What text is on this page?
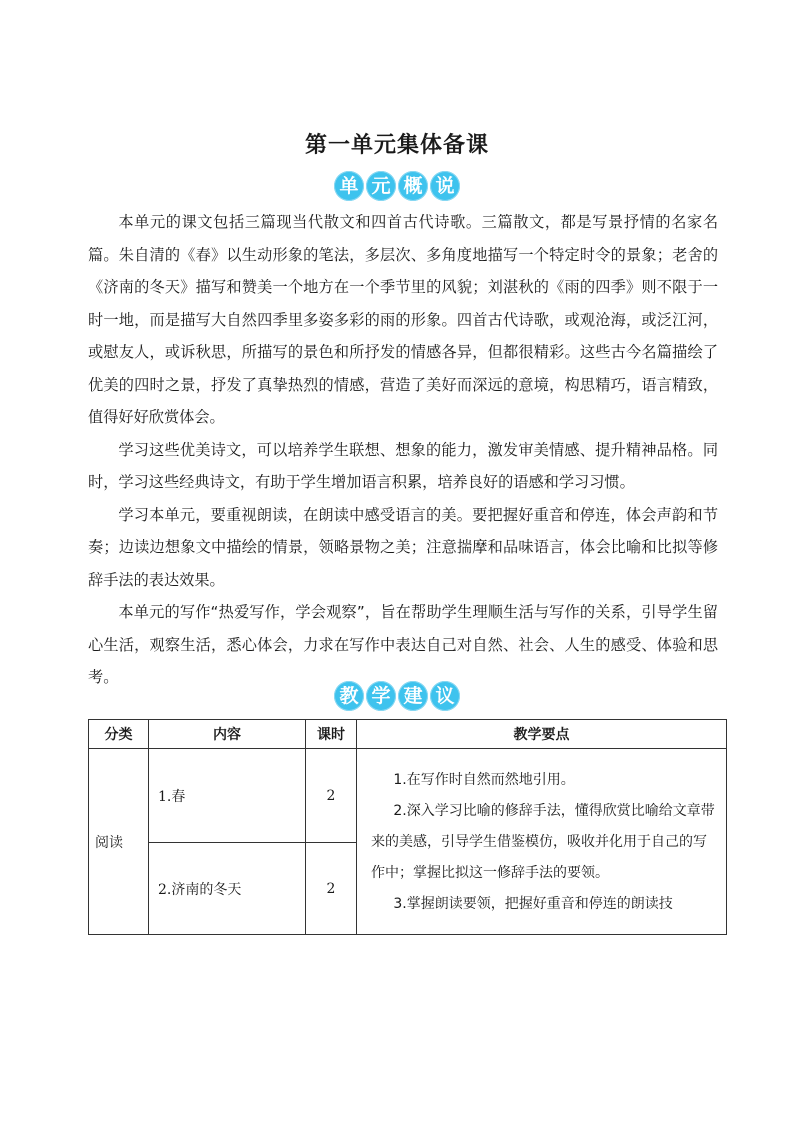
第一单元集体备课
单 元 概 说

本单元的课文包括三篇现当代散文和四首古代诗歌。三篇散文，都是写景抒情的名家名篇。朱自清的《春》以生动形象的笔法，多层次、多角度地描写一个特定时令的景象；老舍的《济南的冬天》描写和赞美一个地方在一个季节里的风貌；刘湛秋的《雨的四季》则不限于一时一地，而是描写大自然四季里多姿多彩的雨的形象。四首古代诗歌，或观沧海，或泛江河，或慰友人，或诉秋思，所描写的景色和所抒发的情感各异，但都很精彩。这些古今名篇描绘了优美的四时之景，抒发了真挚热烈的情感，营造了美好而深远的意境，构思精巧，语言精致，值得好好欣赏体会。

学习这些优美诗文，可以培养学生联想、想象的能力，激发审美情感、提升精神品格。同时，学习这些经典诗文，有助于学生增加语言积累，培养良好的语感和学习习惯。

学习本单元，要重视朗读，在朗读中感受语言的美。要把握好重音和停连，体会声韵和节奏；边读边想象文中描绘的情景，领略景物之美；注意揣摩和品味语言，体会比喻和比拟等修辞手法的表达效果。

本单元的写作“热爱写作，学会观察”，旨在帮助学生理顺生活与写作的关系，引导学生留心生活，观察生活，悉心体会，力求在写作中表达自己对自然、社会、人生的感受、体验和思考。

教 学 建 议
分类	内容	课时	教学要点
阅读	1.春	2	1.在写作时自然而然地引用。

2.深入学习比喻的修辞手法，懂得欣赏比喻给文章带来的美感，引导学生借鉴模仿，吸收并化用于自己的写作中；掌握比拟这一修辞手法的要领。

3.掌握朗读要领，把握好重音和停连的朗读技

	2.济南的冬天	2	
